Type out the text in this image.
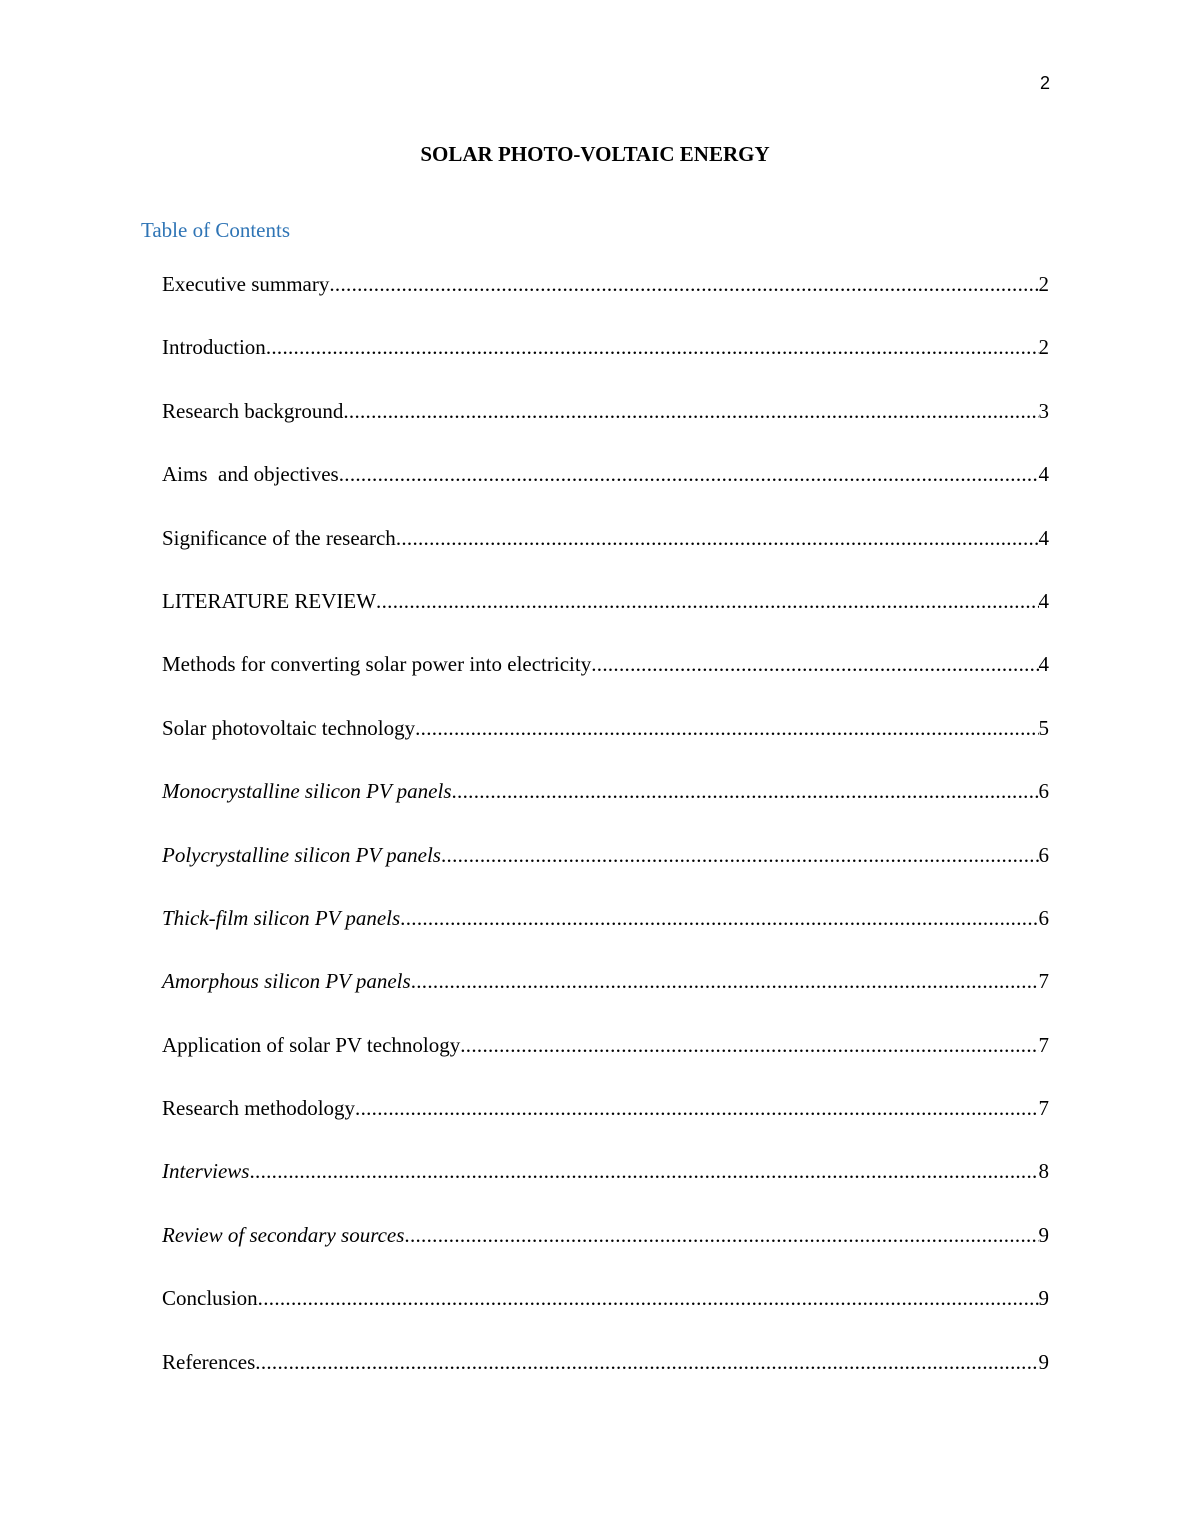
2
SOLAR PHOTO-VOLTAIC ENERGY
Table of Contents
Executive summary .....	2
Introduction .....	2
Research background .....	3
Aims  and objectives .....	4
Significance of the research .....	4
LITERATURE REVIEW .....	4
Methods for converting solar power into electricity .....	4
Solar photovoltaic technology .....	5
Monocrystalline silicon PV panels .....	6
Polycrystalline silicon PV panels .....	6
Thick-film silicon PV panels .....	6
Amorphous silicon PV panels .....	7
Application of solar PV technology .....	7
Research methodology .....	7
Interviews .....	8
Review of secondary sources .....	9
Conclusion .....	9
References .....	9
